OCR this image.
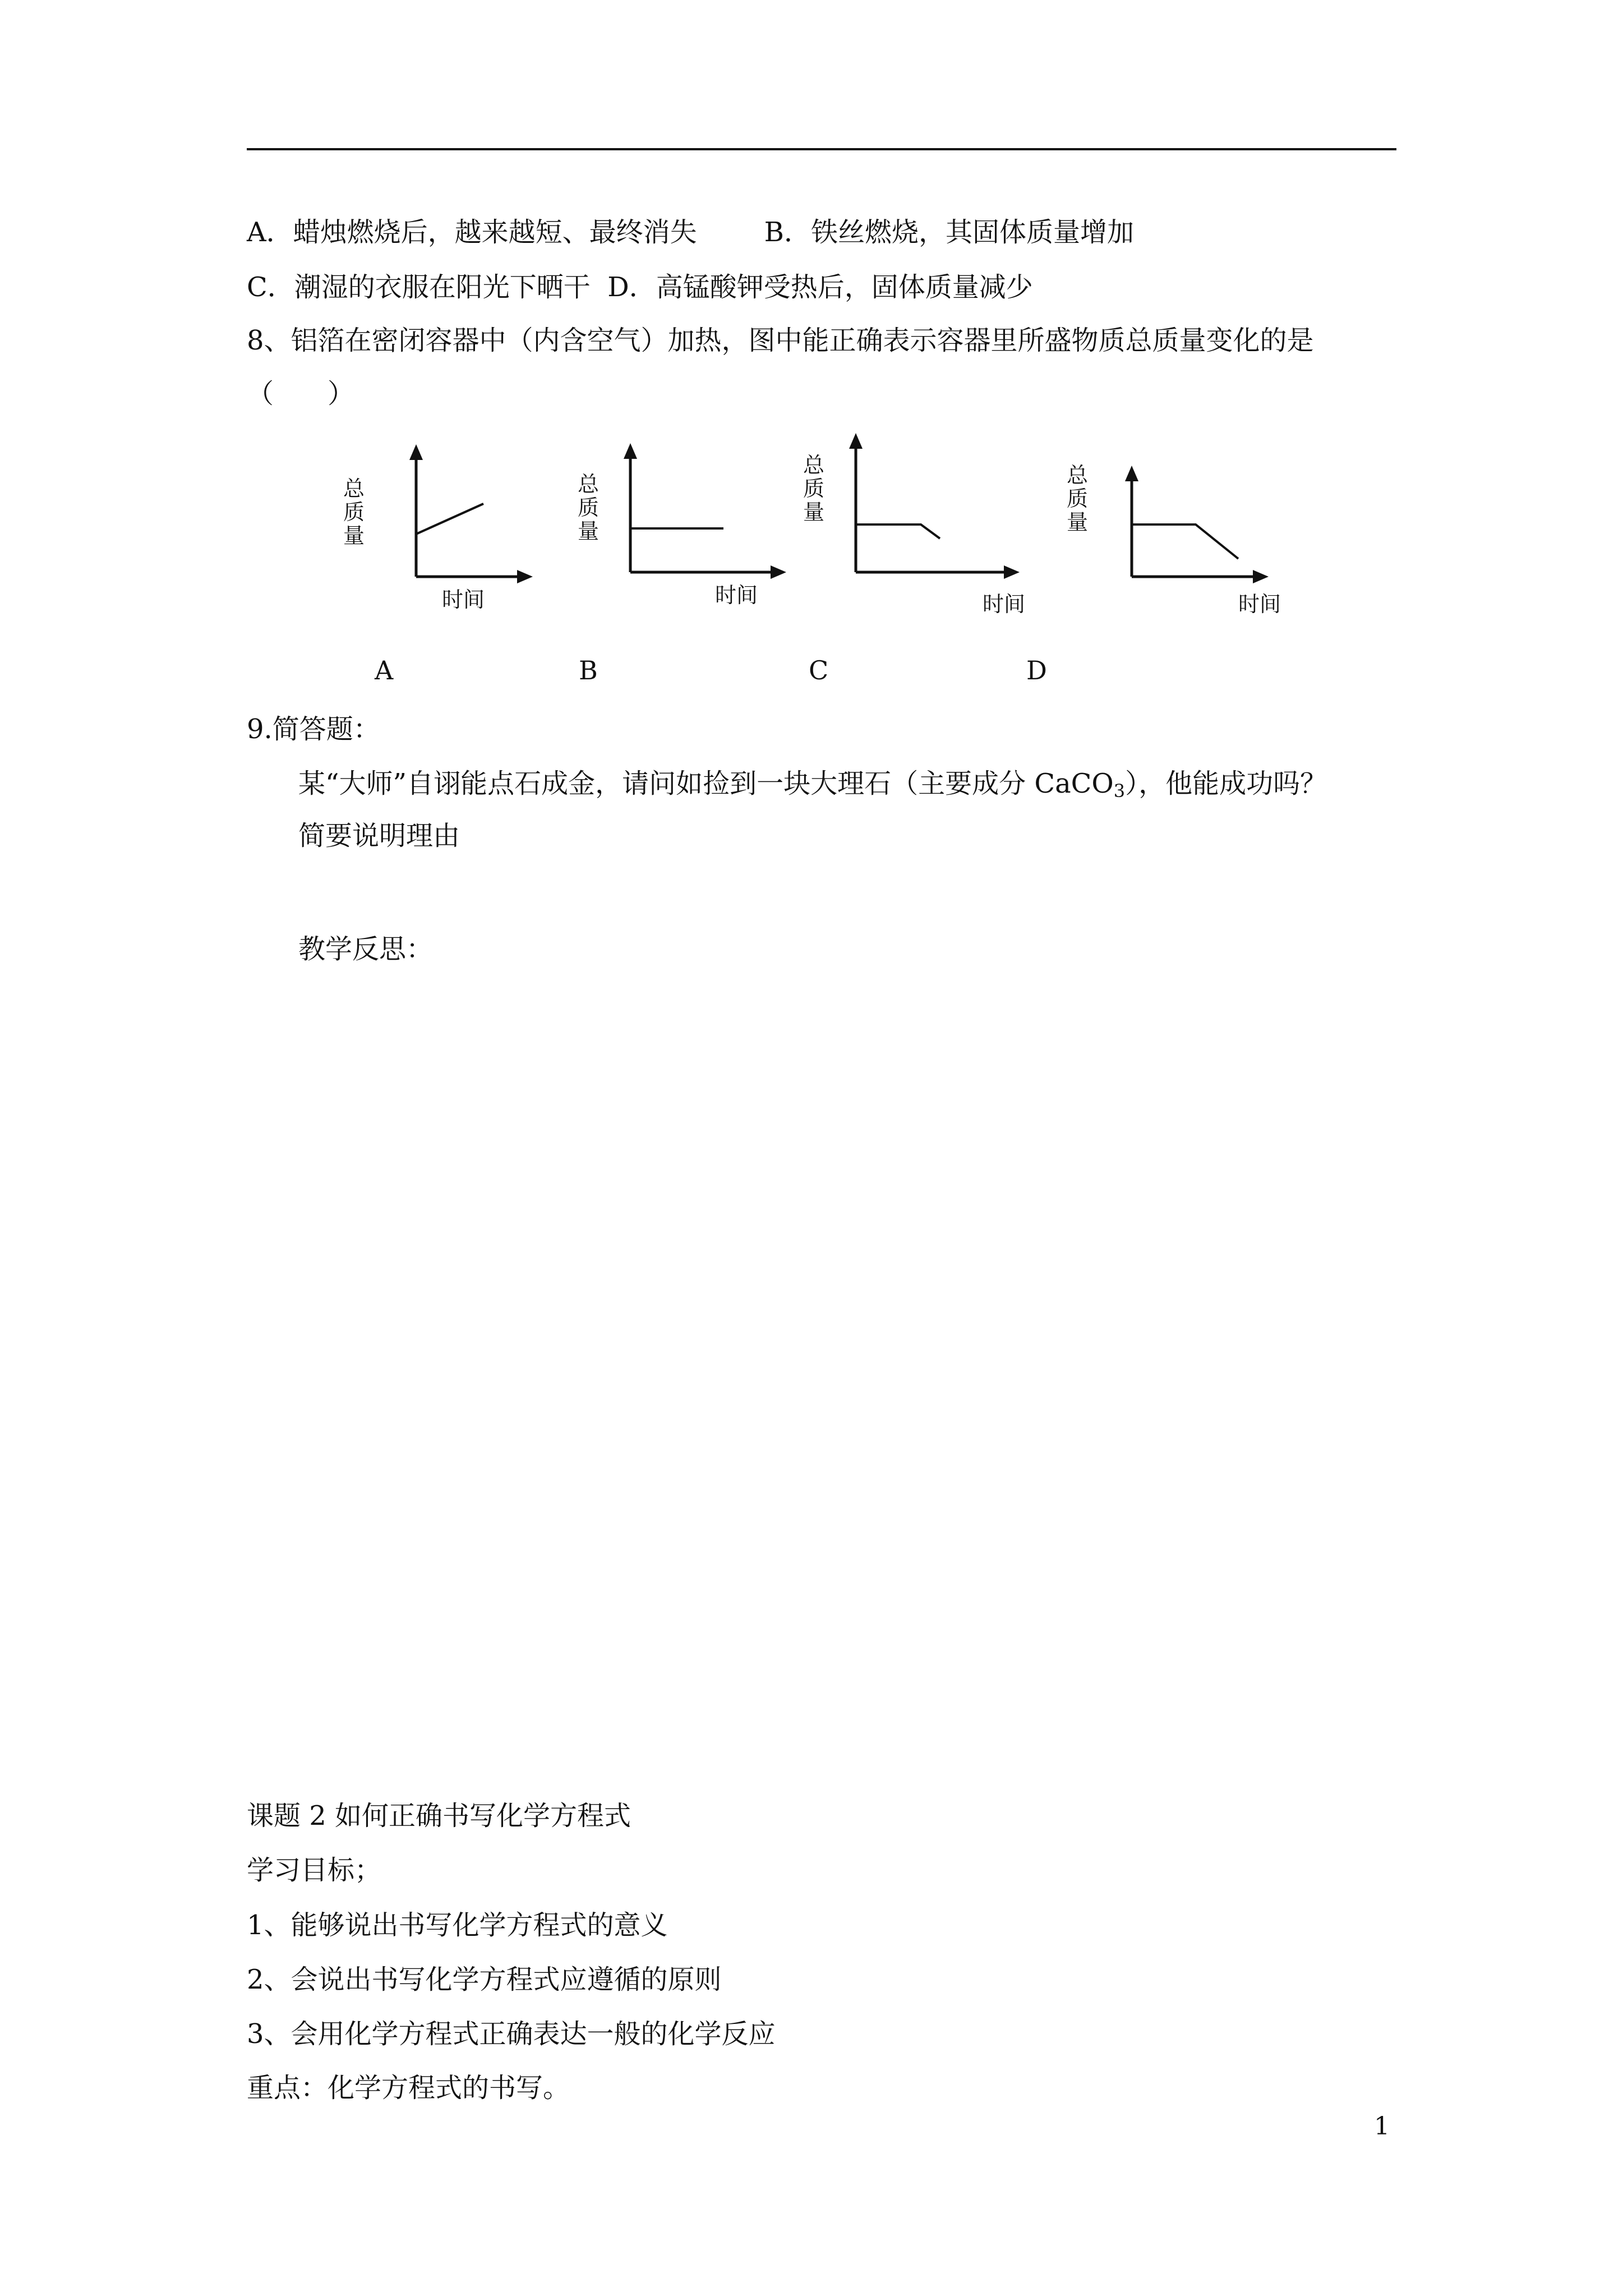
A．蜡烛燃烧后，越来越短、最终消失	B．铁丝燃烧，其固体质量增加
C．潮湿的衣服在阳光下晒干 D．高锰酸钾受热后，固体质量减少
8、铝箔在密闭容器中（内含空气）加热，图中能正确表示容器里所盛物质总质量变化的是
（　　）
总质量
时间
总质量
时间
总质量
时间
总质量
时间
A	B	C	D
9.简答题：
某“大师”自诩能点石成金，请问如捡到一块大理石（主要成分 CaCO$_3$），他能成功吗？
简要说明理由
教学反思：
课题 2 如何正确书写化学方程式
学习目标；
1、能够说出书写化学方程式的意义
2、会说出书写化学方程式应遵循的原则
3、会用化学方程式正确表达一般的化学反应
重点：化学方程式的书写。
1
